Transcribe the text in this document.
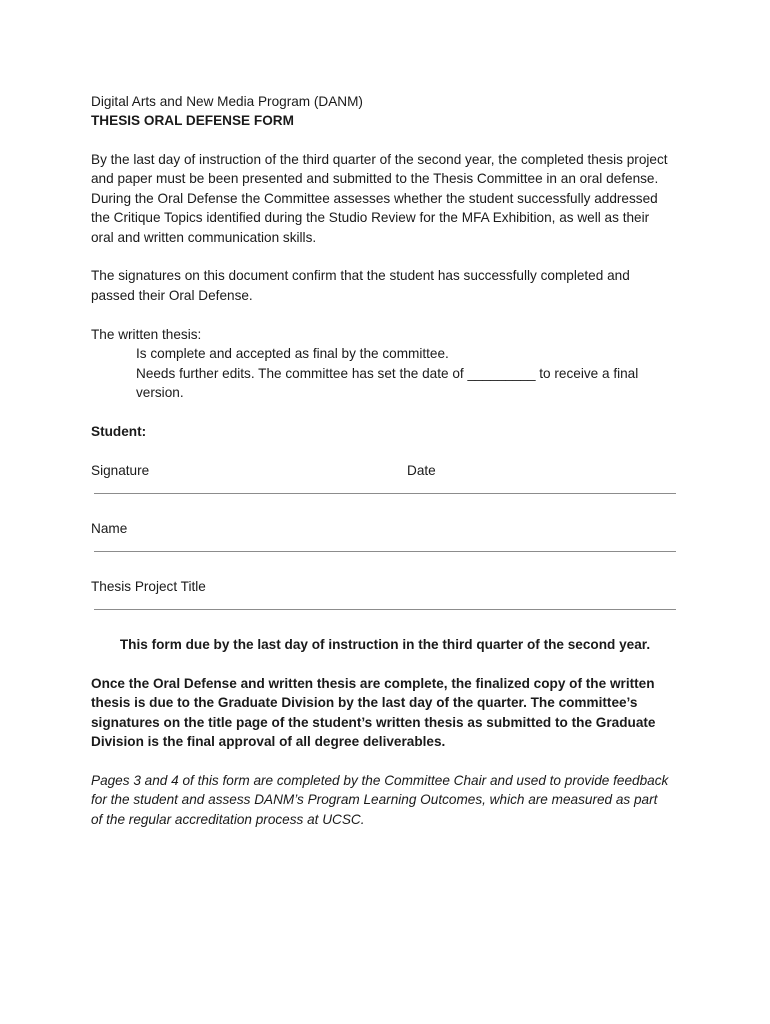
Digital Arts and New Media Program (DANM)
THESIS ORAL DEFENSE FORM
By the last day of instruction of the third quarter of the second year, the completed thesis project
and paper must be been presented and submitted to the Thesis Committee in an oral defense.
During the Oral Defense the Committee assesses whether the student successfully addressed
the Critique Topics identified during the Studio Review for the MFA Exhibition, as well as their
oral and written communication skills.
The signatures on this document confirm that the student has successfully completed and
passed their Oral Defense.
The written thesis:
Is complete and accepted as final by the committee.
Needs further edits. The committee has set the date of _________ to receive a final
version.
Student:
Signature	Date
Name
Thesis Project Title
This form due by the last day of instruction in the third quarter of the second year.
Once the Oral Defense and written thesis are complete, the finalized copy of the written
thesis is due to the Graduate Division by the last day of the quarter. The committee’s
signatures on the title page of the student’s written thesis as submitted to the Graduate
Division is the final approval of all degree deliverables.
Pages 3 and 4 of this form are completed by the Committee Chair and used to provide feedback
for the student and assess DANM’s Program Learning Outcomes, which are measured as part
of the regular accreditation process at UCSC.
